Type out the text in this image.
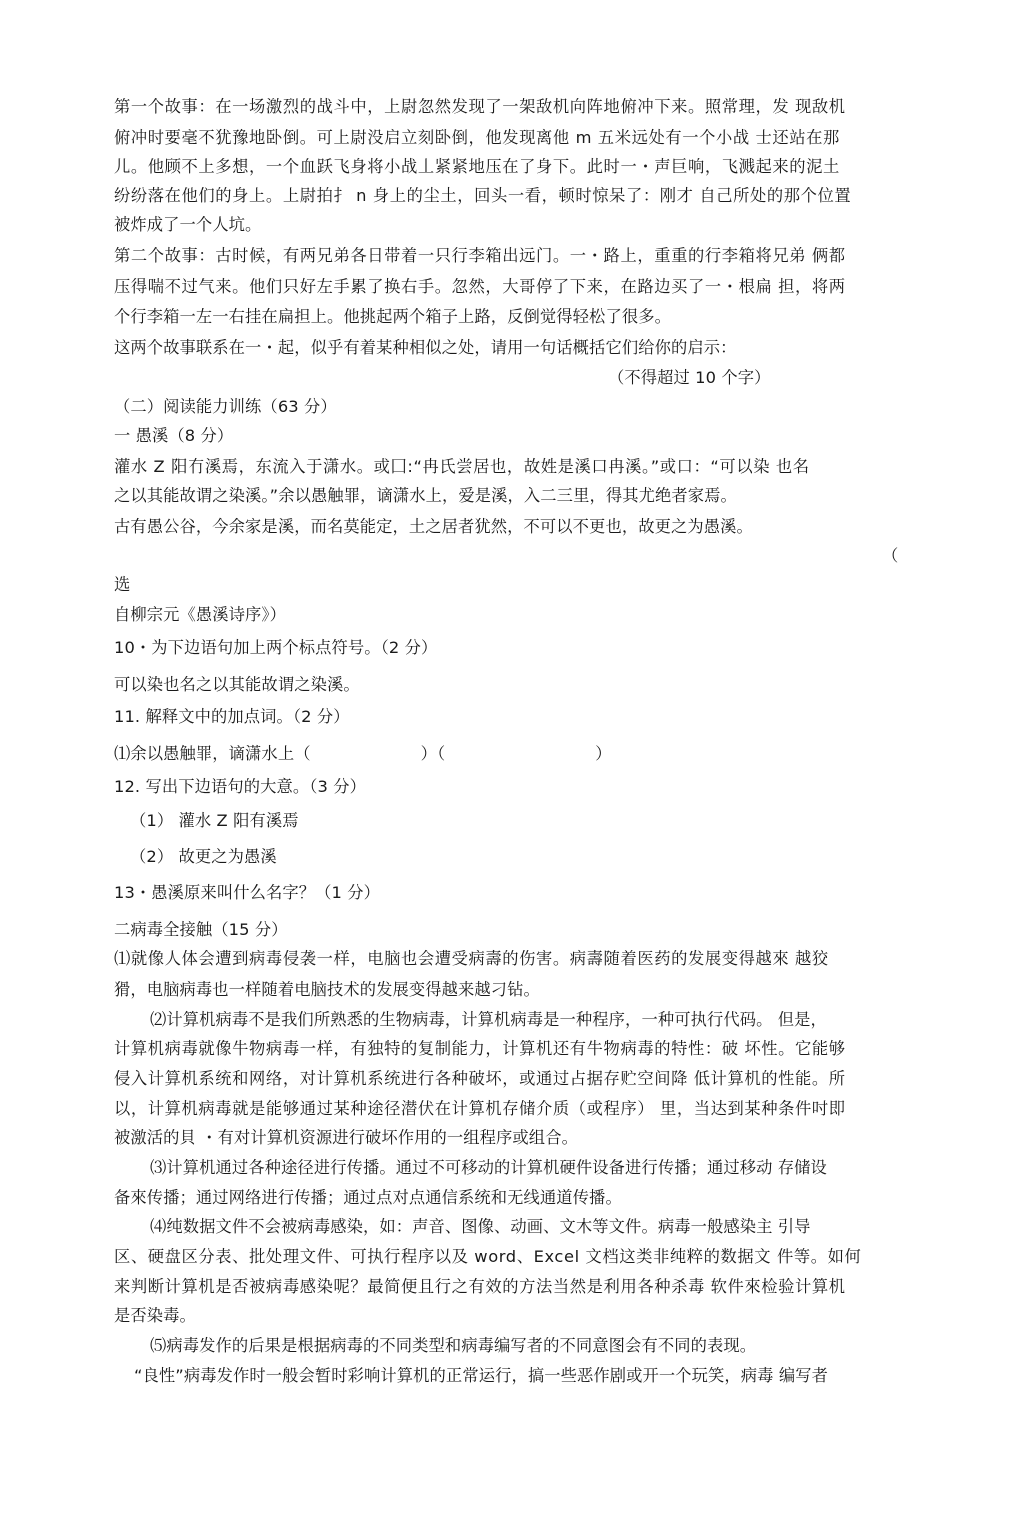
第一个故事：在一场激烈的战斗中，上尉忽然发现了一架敌机向阵地俯冲下来。照常理，发 现敌机
俯冲时要毫不犹豫地卧倒。可上尉没启立刻卧倒，他发现离他 m 五米远处有一个小战 士还站在那
儿。他顾不上多想，一个血跃飞身将小战丄紧紧地压在了身下。此时一・声巨响，飞溅起来的泥土
纷纷落在他们的身上。上尉拍扌 n 身上的尘土，回头一看，顿时惊呆了：刚才 自己所处的那个位置
被炸成了一个人坑。
第二个故事：古时候，有两兄弟各日带着一只行李箱出远门。一・路上，重重的行李箱将兄弟 俩都
压得喘不过气来。他们只好左手累了换右手。忽然，大哥停了下来，在路边买了一・根扁 担，将两
个行李箱一左一右挂在扁担上。他挑起两个箱子上路，反倒觉得轻松了很多。
这两个故事联系在一・起，似乎有着某种相似之处，请用一句话概括它们给你的启示：
（不得超过 10 个字）
（二）阅读能力训练（63 分）
一 愚溪（8 分）
灌水 Z 阳冇溪焉，东流入于潇水。或囗:“冉氏尝居也，故姓是溪口冉溪。”或口：“可以染 也名
之以其能故谓之染溪。”余以愚触罪，谪潇水上，爱是溪，入二三里，得其尤绝者家焉。
古有愚公谷，今余家是溪，而名莫能定，土之居者犹然，不可以不更也，故更之为愚溪。
（
选
自柳宗元《愚溪诗序》）
10・为下边语句加上两个标点符号。（2 分）
可以染也名之以其能故谓之染溪。
11. 解释文中的加点词。（2 分）
⑴余以愚触罪，谪潇水上（	）（	）
12. 写出下边语句的大意。（3 分）
（1） 灌水 Z 阳有溪焉
（2） 故更之为愚溪
13・愚溪原来叫什么名字？（1 分）
二病毒全接触（15 分）
⑴就像人体会遭到病毒侵袭一样，电脑也会遭受病壽的伤害。病壽随着医药的发展变得越來 越狡
猾，电脑病毒也一样随着电脑技术的发展变得越来越刁钻。
⑵计算机病毒不是我们所熟悉的生物病毒，计算机病毒是一种程序，一种可执行代码。 但是，
计算机病毒就像牛物病毒一样，有独特的复制能力，计算机还有牛物病毒的特性：破 坏性。它能够
侵入计算机系统和网络，对计算机系统进行各种破坏，或通过占据存贮空间降 低计算机的性能。所
以，计算机病毒就是能够通过某种途径潜伏在计算机存储介质（或程序） 里，当达到某种条件吋即
被激活的貝 ・有对计算机资源进行破坏作用的一组程序或组合。
⑶计算机通过各种途径进行传播。通过不可移动的计算机硬件设备进行传播；通过移动 存储设
备來传播；通过网络进行传播；通过点对点通信系统和无线通道传播。
⑷纯数据文件不会被病毒感染，如：声音、图像、动画、文木等文件。病毒一般感染主 引导
区、硬盘区分表、批处理文件、可执行程序以及 word、Excel 文档这类非纯粹的数据文 件等。如何
来判断计算机是否被病毒感染呢？最简便且行之有效的方法当然是利用各种杀毒 软件來检验计算机
是否染毒。
⑸病毒发作的后果是根据病毒的不同类型和病毒编写者的不同意图会有不同的表现。
“良性”病毒发作时一般会暂时彩响计算机的正常运行，搞一些恶作剧或开一个玩笑，病毒 编写者
